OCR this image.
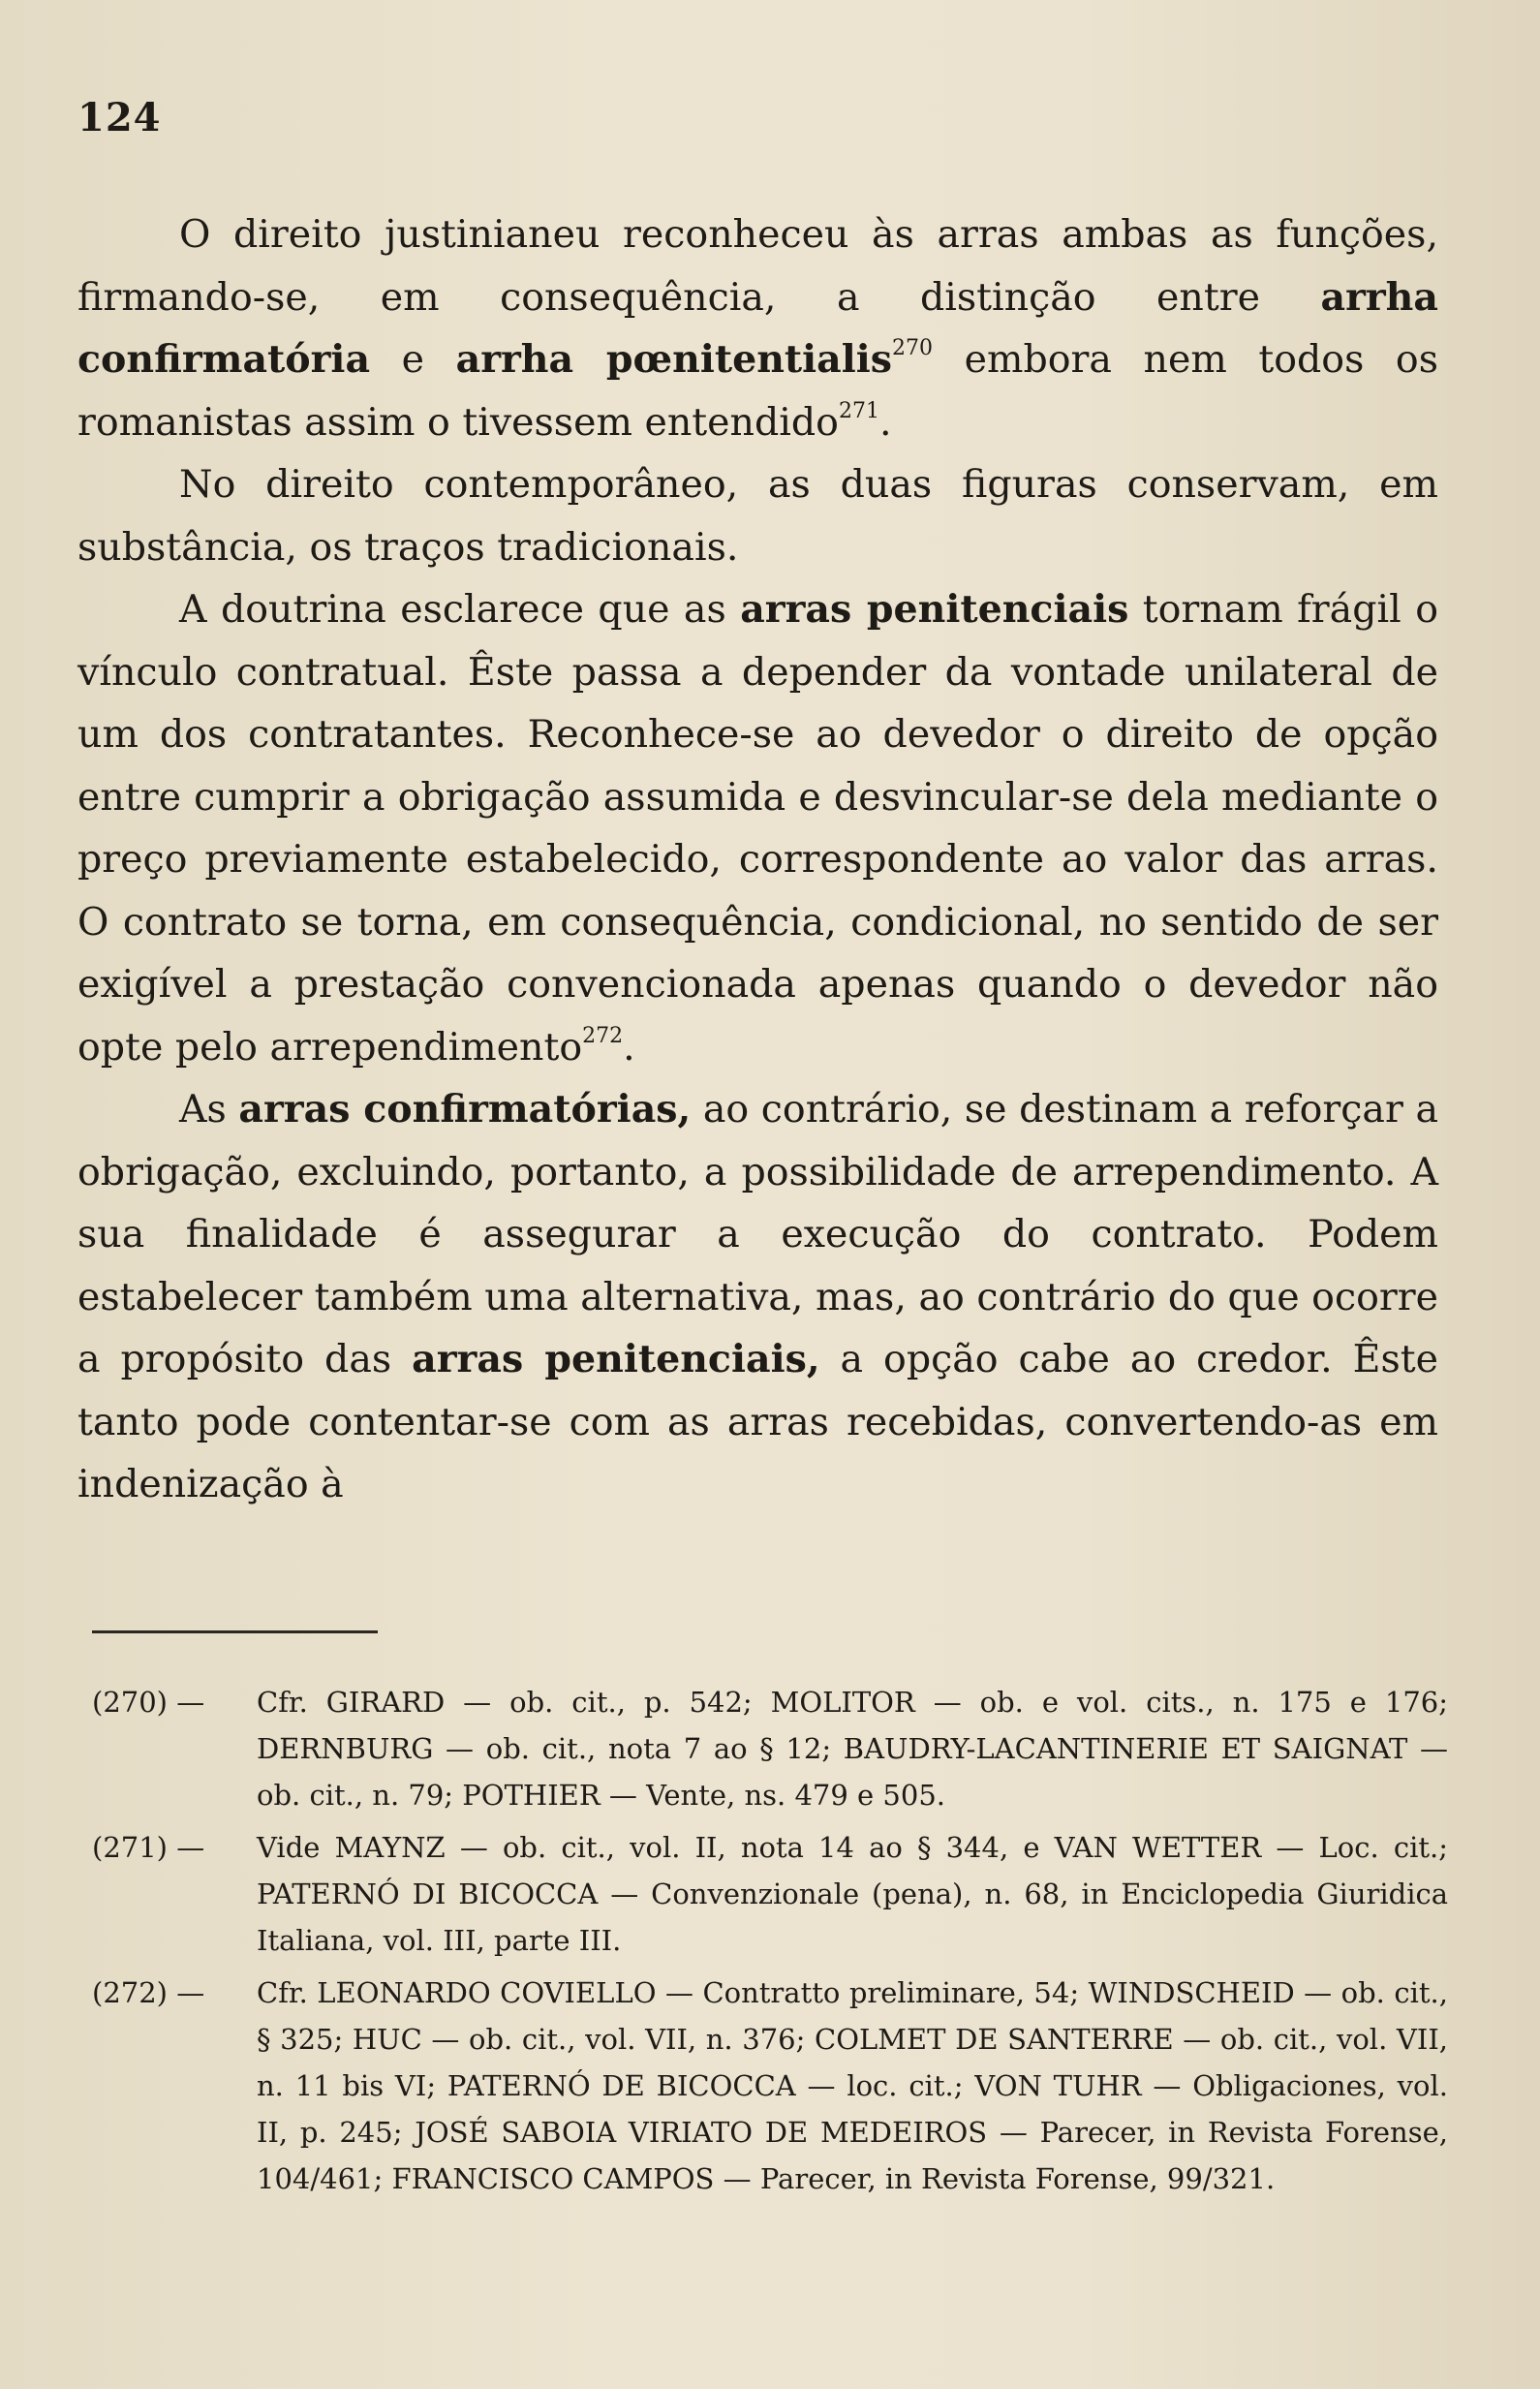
124

O direito justinianeu reconheceu às arras ambas as funções, firmando-se, em consequência, a distinção entre arrha confirmatória e arrha pœnitentialis$^{270}$ embora nem todos os romanistas assim o tivessem entendido$^{271}$.

No direito contemporâneo, as duas figuras conservam, em substância, os traços tradicionais.

A doutrina esclarece que as arras penitenciais tornam frágil o vínculo contratual. Êste passa a depender da vontade unilateral de um dos contratantes. Reconhece-se ao devedor o direito de opção entre cumprir a obrigação assumida e desvincular-se dela mediante o preço previamente estabelecido, correspondente ao valor das arras. O contrato se torna, em consequência, condicional, no sentido de ser exigível a prestação convencionada apenas quando o devedor não opte pelo arrependimento$^{272}$.

As arras confirmatórias, ao contrário, se destinam a reforçar a obrigação, excluindo, portanto, a possibilidade de arrependimento. A sua finalidade é assegurar a execução do contrato. Podem estabelecer também uma alternativa, mas, ao contrário do que ocorre a propósito das arras penitenciais, a opção cabe ao credor. Êste tanto pode contentar-se com as arras recebidas, convertendo-as em indenização à

(270) —	Cfr. GIRARD — ob. cit., p. 542; MOLITOR — ob. e vol. cits., n. 175 e 176; DERNBURG — ob. cit., nota 7 ao § 12; BAUDRY-LACANTINERIE ET SAIGNAT — ob. cit., n. 79; POTHIER — Vente, ns. 479 e 505.
(271) —	Vide MAYNZ — ob. cit., vol. II, nota 14 ao § 344, e VAN WETTER — Loc. cit.; PATERNÓ DI BICOCCA — Convenzionale (pena), n. 68, in Enciclopedia Giuridica Italiana, vol. III, parte III.
(272) —	Cfr. LEONARDO COVIELLO — Contratto preliminare, 54; WINDSCHEID — ob. cit., § 325; HUC — ob. cit., vol. VII, n. 376; COLMET DE SANTERRE — ob. cit., vol. VII, n. 11 bis VI; PATERNÓ DE BICOCCA — loc. cit.; VON TUHR — Obligaciones, vol. II, p. 245; JOSÉ SABOIA VIRIATO DE MEDEIROS — Parecer, in Revista Forense, 104/461; FRANCISCO CAMPOS — Parecer, in Revista Forense, 99/321.
